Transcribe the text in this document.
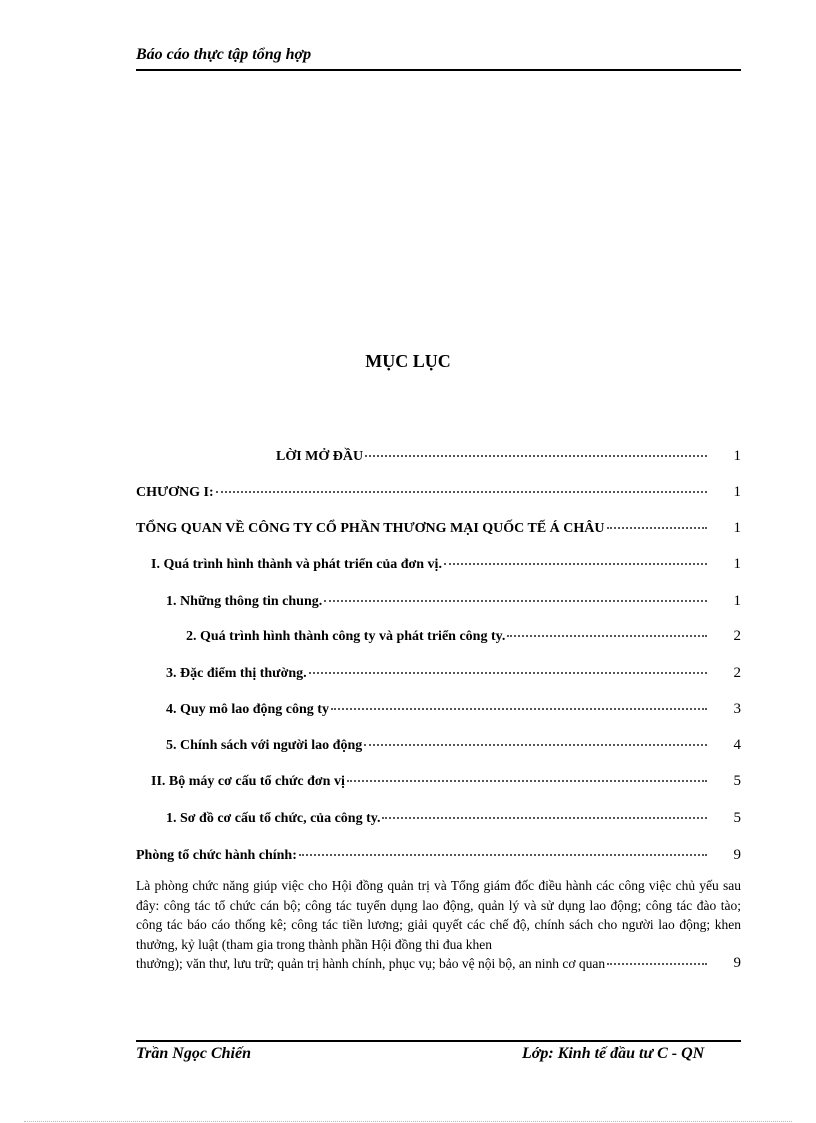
Báo cáo thực tập tổng hợp
MỤC LỤC
LỜI MỞ ĐẦU	1
CHƯƠNG I:	1
TỔNG QUAN VỀ CÔNG TY CỔ PHẦN THƯƠNG MẠI QUỐC TẾ Á CHÂU	1
I. Quá trình hình thành và phát triển của đơn vị.	1
1. Những thông tin chung.	1
2. Quá trình hình thành công ty và phát triển công ty.	2
3. Đặc điểm thị thường.	2
4. Quy mô lao động công ty	3
5. Chính sách với người lao động	4
II. Bộ máy cơ cấu tổ chức đơn vị	5
1. Sơ đồ cơ cấu tổ chức, của công ty.	5
Phòng tổ chức hành chính:	9
Là phòng chức năng giúp việc cho Hội đồng quản trị và Tổng giám đốc điều hành các công việc chủ yếu sau đây: công tác tổ chức cán bộ; công tác tuyển dụng lao động, quản lý và sử dụng lao động; công tác đào tào; công tác báo cáo thống kê; công tác tiền lương; giải quyết các chế độ, chính sách cho người lao động; khen thưởng, kỷ luật (tham gia trong thành phần Hội đồng thi đua khen
thưởng); văn thư, lưu trữ; quản trị hành chính, phục vụ; bảo vệ nội bộ, an ninh cơ quan	9
Trần Ngọc Chiến	Lớp: Kinh tế đầu tư C - QN
